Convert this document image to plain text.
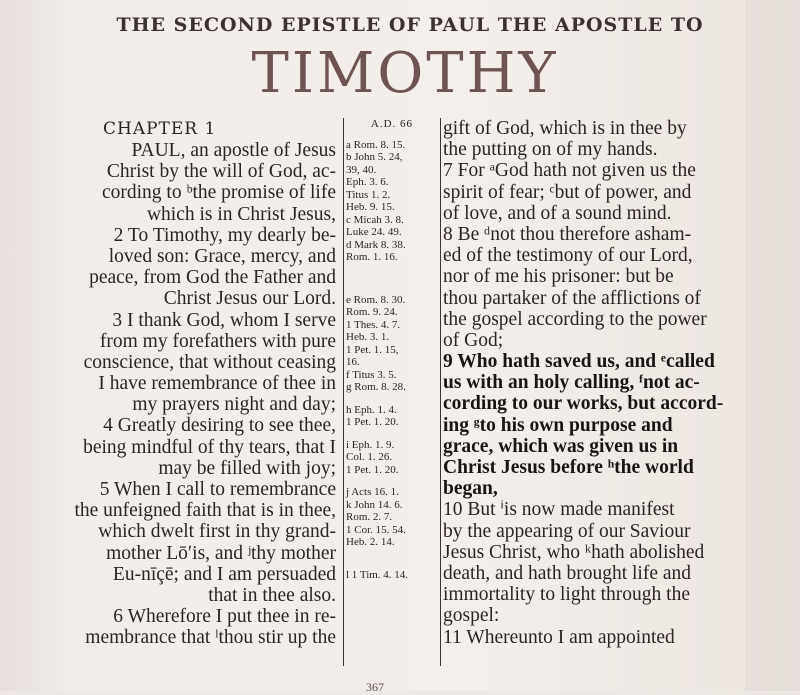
THE SECOND EPISTLE OF PAUL THE APOSTLE TO
TIMOTHY
CHAPTER 1
PAUL, an apostle of Jesus
Christ by the will of God, ac-
cording to ᵇthe promise of life
which is in Christ Jesus,
2 To Timothy, my dearly be-
loved son: Grace, mercy, and
peace, from God the Father and
Christ Jesus our Lord.
3 I thank God, whom I serve
from my forefathers with pure
conscience, that without ceasing
I have remembrance of thee in
my prayers night and day;
4 Greatly desiring to see thee,
being mindful of thy tears, that I
may be filled with joy;
5 When I call to remembrance
the unfeigned faith that is in thee,
which dwelt first in thy grand-
mother Lōʹis, and ʲthy mother
Eu-nīçē; and I am persuaded
that in thee also.
6 Wherefore I put thee in re-
membrance that ˡthou stir up the
A.D. 66
a Rom. 8. 15.
b John 5. 24,
39, 40.
Eph. 3. 6.
Titus 1. 2.
Heb. 9. 15.
c Micah 3. 8.
Luke 24. 49.
d Mark 8. 38.
Rom. 1. 16.
e Rom. 8. 30.
Rom. 9. 24.
1 Thes. 4. 7.
Heb. 3. 1.
1 Pet. 1. 15,
16.
f Titus 3. 5.
g Rom. 8. 28.
h Eph. 1. 4.
1 Pet. 1. 20.
i Eph. 1. 9.
Col. 1. 26.
1 Pet. 1. 20.
j Acts 16. 1.
k John 14. 6.
Rom. 2. 7.
1 Cor. 15. 54.
Heb. 2. 14.
l 1 Tim. 4. 14.
gift of God, which is in thee by
the putting on of my hands.
7 For ᵃGod hath not given us the
spirit of fear; ᶜbut of power, and
of love, and of a sound mind.
8 Be ᵈnot thou therefore asham-
ed of the testimony of our Lord,
nor of me his prisoner: but be
thou partaker of the afflictions of
the gospel according to the power
of God;
9 Who hath saved us, and ᵉcalled
us with an holy calling, ᶠnot ac-
cording to our works, but accord-
ing ᵍto his own purpose and
grace, which was given us in
Christ Jesus before ʰthe world
began,
10 But ⁱis now made manifest
by the appearing of our Saviour
Jesus Christ, who ᵏhath abolished
death, and hath brought life and
immortality to light through the
gospel:
11 Whereunto I am appointed
367
